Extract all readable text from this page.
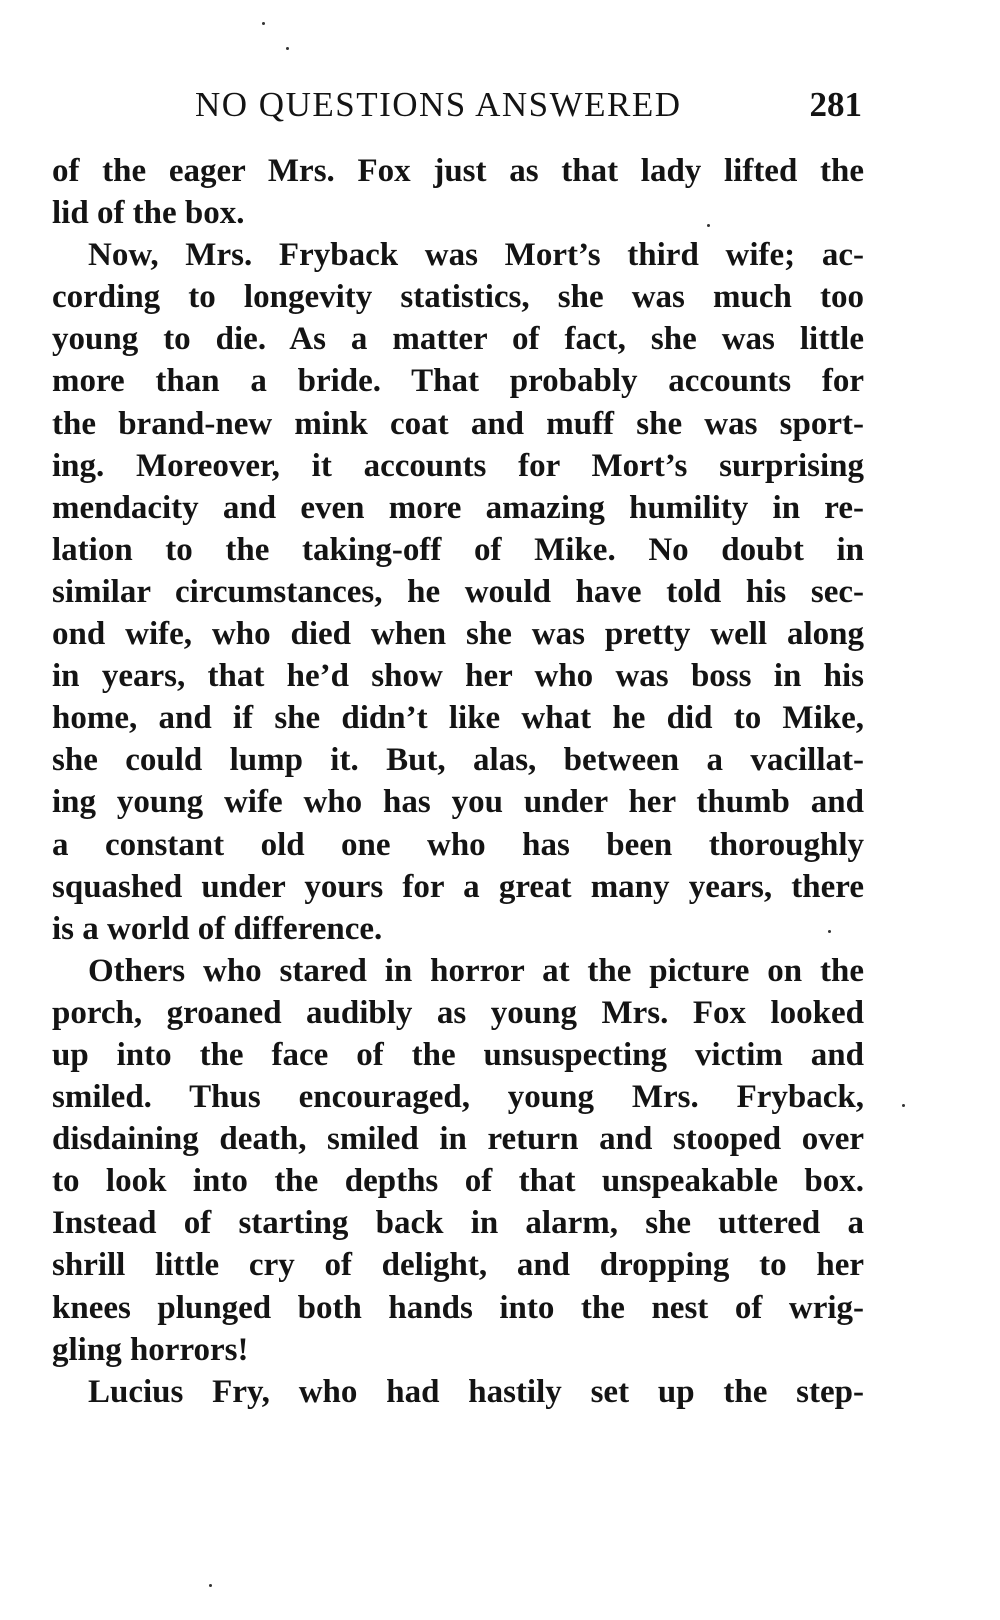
NO QUESTIONS ANSWERED	281
of the eager Mrs. Fox just as that lady lifted the
lid of the box.
Now, Mrs. Fryback was Mort’s third wife; ac-
cording to longevity statistics, she was much too
young to die. As a matter of fact, she was little
more than a bride. That probably accounts for
the brand-new mink coat and muff she was sport-
ing. Moreover, it accounts for Mort’s surprising
mendacity and even more amazing humility in re-
lation to the taking-off of Mike. No doubt in
similar circumstances, he would have told his sec-
ond wife, who died when she was pretty well along
in years, that he’d show her who was boss in his
home, and if she didn’t like what he did to Mike,
she could lump it. But, alas, between a vacillat-
ing young wife who has you under her thumb and
a constant old one who has been thoroughly
squashed under yours for a great many years, there
is a world of difference.
Others who stared in horror at the picture on the
porch, groaned audibly as young Mrs. Fox looked
up into the face of the unsuspecting victim and
smiled. Thus encouraged, young Mrs. Fryback,
disdaining death, smiled in return and stooped over
to look into the depths of that unspeakable box.
Instead of starting back in alarm, she uttered a
shrill little cry of delight, and dropping to her
knees plunged both hands into the nest of wrig-
gling horrors!
Lucius Fry, who had hastily set up the step-
